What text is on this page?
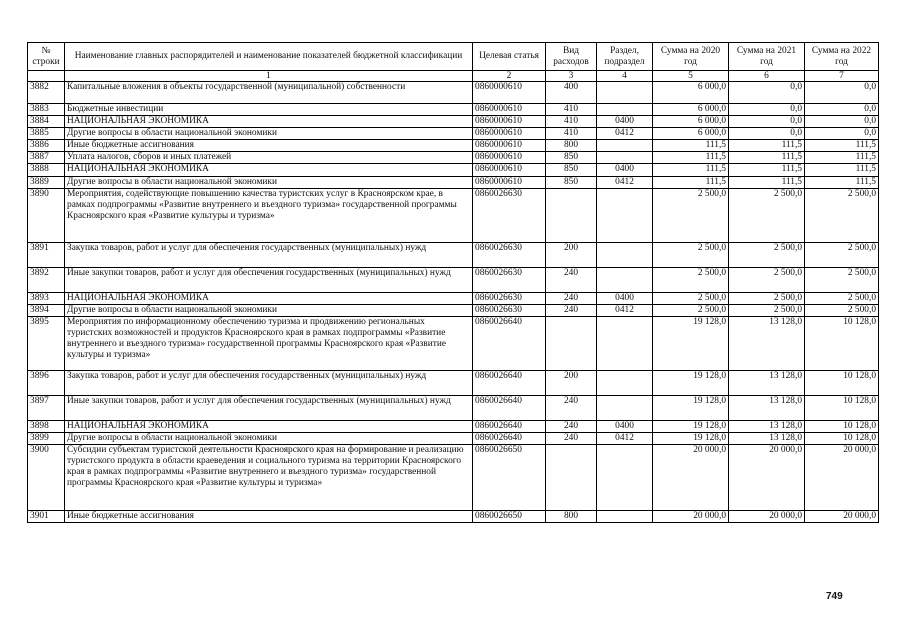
№ строки	Наименование главных распорядителей и наименование показателей бюджетной классификации	Целевая статья	Вид расходов	Раздел, подраздел	Сумма на 2020 год	Сумма на 2021 год	Сумма на 2022 год
	1	2	3	4	5	6	7
3882	Капитальные вложения в объекты государственной (муниципальной) собственности	0860000610	400		6 000,0	0,0	0,0
3883	Бюджетные инвестиции	0860000610	410		6 000,0	0,0	0,0
3884	НАЦИОНАЛЬНАЯ ЭКОНОМИКА	0860000610	410	0400	6 000,0	0,0	0,0
3885	Другие вопросы в области национальной экономики	0860000610	410	0412	6 000,0	0,0	0,0
3886	Иные бюджетные ассигнования	0860000610	800		111,5	111,5	111,5
3887	Уплата налогов, сборов и иных платежей	0860000610	850		111,5	111,5	111,5
3888	НАЦИОНАЛЬНАЯ ЭКОНОМИКА	0860000610	850	0400	111,5	111,5	111,5
3889	Другие вопросы в области национальной экономики	0860000610	850	0412	111,5	111,5	111,5
3890	Мероприятия, содействующие повышению качества туристских услуг в Красноярском крае, в рамках подпрограммы «Развитие внутреннего и въездного туризма» государственной программы Красноярского края «Развитие культуры и туризма»	0860026630			2 500,0	2 500,0	2 500,0
3891	Закупка товаров, работ и услуг для обеспечения государственных (муниципальных) нужд	0860026630	200		2 500,0	2 500,0	2 500,0
3892	Иные закупки товаров, работ и услуг для обеспечения государственных (муниципальных) нужд	0860026630	240		2 500,0	2 500,0	2 500,0
3893	НАЦИОНАЛЬНАЯ ЭКОНОМИКА	0860026630	240	0400	2 500,0	2 500,0	2 500,0
3894	Другие вопросы в области национальной экономики	0860026630	240	0412	2 500,0	2 500,0	2 500,0
3895	Мероприятия по информационному обеспечению туризма и продвижению региональных туристских возможностей и продуктов Красноярского края в рамках подпрограммы «Развитие внутреннего и въездного туризма» государственной программы Красноярского края «Развитие культуры и туризма»	0860026640			19 128,0	13 128,0	10 128,0
3896	Закупка товаров, работ и услуг для обеспечения государственных (муниципальных) нужд	0860026640	200		19 128,0	13 128,0	10 128,0
3897	Иные закупки товаров, работ и услуг для обеспечения государственных (муниципальных) нужд	0860026640	240		19 128,0	13 128,0	10 128,0
3898	НАЦИОНАЛЬНАЯ ЭКОНОМИКА	0860026640	240	0400	19 128,0	13 128,0	10 128,0
3899	Другие вопросы в области национальной экономики	0860026640	240	0412	19 128,0	13 128,0	10 128,0
3900	Субсидии субъектам туристской деятельности Красноярского края на формирование и реализацию туристского продукта в области краеведения и социального туризма на территории Красноярского края в рамках подпрограммы «Развитие внутреннего и въездного туризма» государственной программы Красноярского края «Развитие культуры и туризма»	0860026650			20 000,0	20 000,0	20 000,0
3901	Иные бюджетные ассигнования	0860026650	800		20 000,0	20 000,0	20 000,0
749
